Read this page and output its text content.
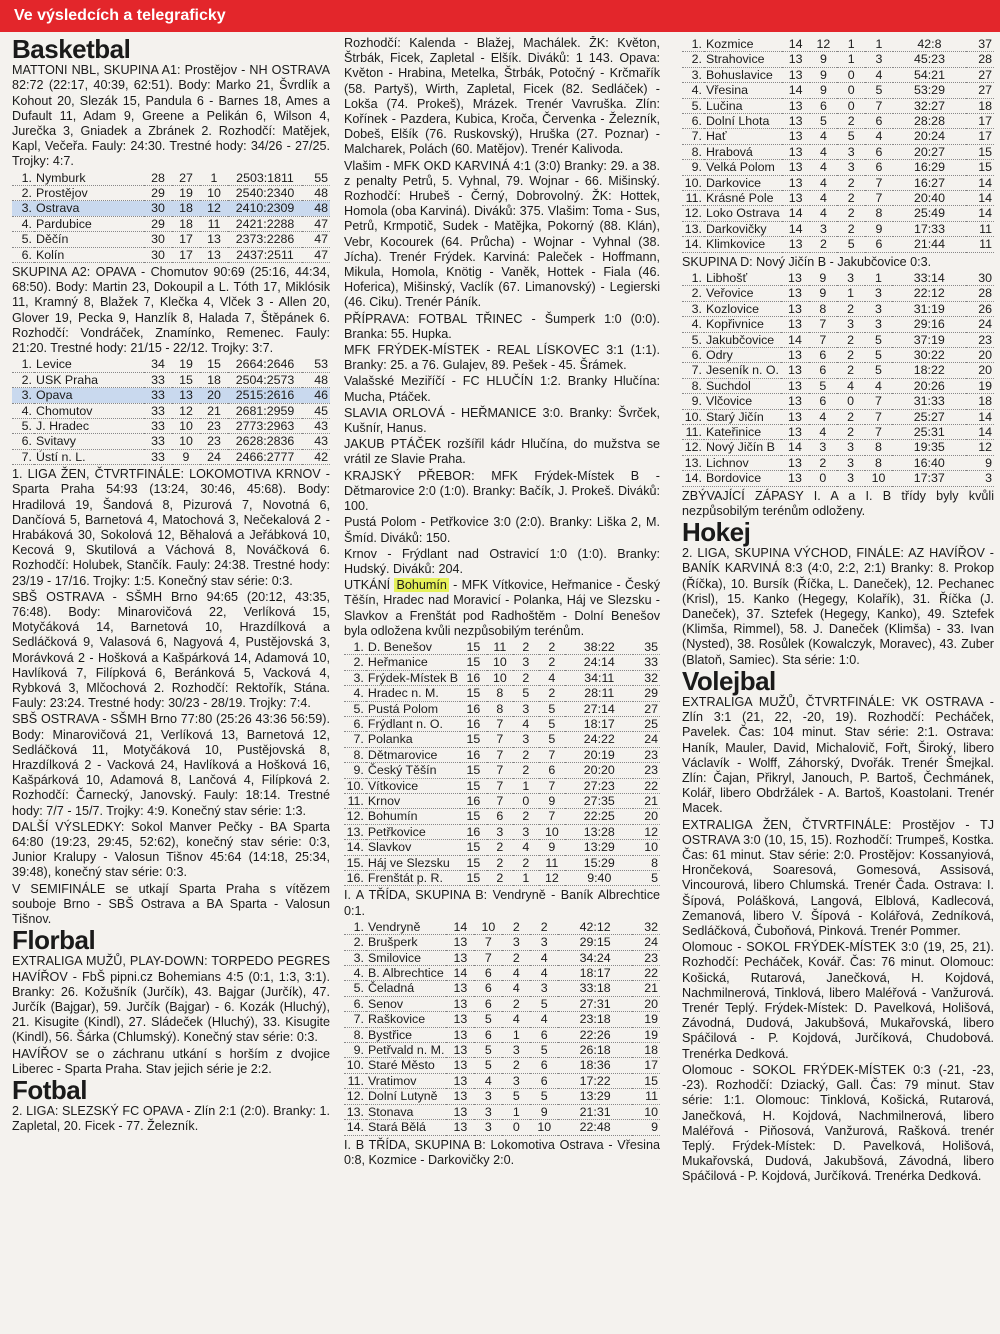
Ve výsledcích a telegraficky
Basketbal

MATTONI NBL, SKUPINA A1: Prostějov - NH OSTRAVA 82:72 (22:17, 40:39, 62:51). Body: Marko 21, Švrdlík a Kohout 20, Slezák 15, Pandula 6 - Barnes 18, Ames a Dufault 11, Adam 9, Greene a Pelikán 6, Wilson 4, Jurečka 3, Gniadek a Zbránek 2. Rozhodčí: Matějek, Kapl, Večeřa. Fauly: 24:30. Trestné hody: 34/26 - 27/25. Trojky: 4:7.

1.	Nymburk	28	27	1	2503:1811	55
2.	Prostějov	29	19	10	2540:2340	48
3.	Ostrava	30	18	12	2410:2309	48
4.	Pardubice	29	18	11	2421:2288	47
5.	Děčín	30	17	13	2373:2286	47
6.	Kolín	30	17	13	2437:2511	47

SKUPINA A2: OPAVA - Chomutov 90:69 (25:16, 44:34, 68:50). Body: Martin 23, Dokoupil a L. Tóth 17, Miklósik 11, Kramný 8, Blažek 7, Klečka 4, Vlček 3 - Allen 20, Glover 19, Pecka 9, Hanzlík 8, Halada 7, Štěpánek 6. Rozhodčí: Vondráček, Znamínko, Remenec. Fauly: 21:20. Trestné hody: 21/15 - 22/12. Trojky: 3:7.

1.	Levice	34	19	15	2664:2646	53
2.	USK Praha	33	15	18	2504:2573	48
3.	Opava	33	13	20	2515:2616	46
4.	Chomutov	33	12	21	2681:2959	45
5.	J. Hradec	33	10	23	2773:2963	43
6.	Svitavy	33	10	23	2628:2836	43
7.	Ústí n. L.	33	9	24	2466:2777	42

1. LIGA ŽEN, ČTVRTFINÁLE: LOKOMOTIVA KRNOV - Sparta Praha 54:93 (13:24, 30:46, 45:68). Body: Hradilová 19, Šandová 8, Pizurová 7, Novotná 6, Dančíová 5, Barnetová 4, Matochová 3, Nečekalová 2 - Hrabáková 30, Sokolová 12, Běhalová a Jeřábková 10, Kecová 9, Skutilová a Váchová 8, Nováčková 6. Rozhodčí: Holubek, Stančík. Fauly: 24:38. Trestné hody: 23/19 - 17/16. Trojky: 1:5. Konečný stav série: 0:3.

SBŠ OSTRAVA - SŠMH Brno 94:65 (20:12, 43:35, 76:48). Body: Minarovičová 22, Verlíková 15, Motyčáková 14, Barnetová 10, Hrazdílková a Sedláčková 9, Valasová 6, Nagyová 4, Pustějovská 3, Morávková 2 - Hošková a Kašpárková 14, Adamová 10, Havlíková 7, Filípková 6, Beránková 5, Vacková 4, Rybková 3, Mlčochová 2. Rozhodčí: Rektořík, Stána. Fauly: 23:24. Trestné hody: 30/23 - 28/19. Trojky: 7:4.

SBŠ OSTRAVA - SŠMH Brno 77:80 (25:26 43:36 56:59). Body: Minarovičová 21, Verlíková 13, Barnetová 12, Sedláčková 11, Motyčáková 10, Pustějovská 8, Hrazdílková 2 - Vacková 24, Havlíková a Hošková 16, Kašpárková 10, Adamová 8, Lančová 4, Filípková 2. Rozhodčí: Čarnecký, Janovský. Fauly: 18:14. Trestné hody: 7/7 - 15/7. Trojky: 4:9. Konečný stav série: 1:3.

DALŠÍ VÝSLEDKY: Sokol Manver Pečky - BA Sparta 64:80 (19:23, 29:45, 52:62), konečný stav série: 0:3, Junior Kralupy - Valosun Tišnov 45:64 (14:18, 25:34, 39:48), konečný stav série: 0:3.

V SEMIFINÁLE se utkají Sparta Praha s vítězem souboje Brno - SBŠ Ostrava a BA Sparta - Valosun Tišnov.

Florbal

EXTRALIGA MUŽŮ, PLAY-DOWN: TORPEDO PEGRES HAVÍŘOV - FbŠ pipni.cz Bohemians 4:5 (0:1, 1:3, 3:1). Branky: 26. Kožušník (Jurčík), 43. Bajgar (Jurčík), 47. Jurčík (Bajgar), 59. Jurčík (Bajgar) - 6. Kozák (Hluchý), 21. Kisugite (Kindl), 27. Sládeček (Hluchý), 33. Kisugite (Kindl), 56. Šárka (Chlumský). Konečný stav série: 0:3.

HAVÍŘOV se o záchranu utkání s horším z dvojice Liberec - Sparta Praha. Stav jejich série je 2:2.

Fotbal

2. LIGA: SLEZSKÝ FC OPAVA - Zlín 2:1 (2:0). Branky: 1. Zapletal, 20. Ficek - 77. Železník.

Rozhodčí: Kalenda - Blažej, Machálek. ŽK: Květon, Štrbák, Ficek, Zapletal - Elšík. Diváků: 1 143. Opava: Květon - Hrabina, Metelka, Štrbák, Potočný - Krčmařík (58. Partyš), Wirth, Zapletal, Ficek (82. Sedláček) - Lokša (74. Prokeš), Mrázek. Trenér Vavruška. Zlín: Kořínek - Pazdera, Kubica, Kroča, Červenka - Železník, Dobeš, Elšík (76. Ruskovský), Hruška (27. Poznar) - Malcharek, Polách (60. Matějov). Trenér Kalivoda.

Vlašim - MFK OKD KARVINÁ 4:1 (3:0) Branky: 29. a 38. z penalty Petrů, 5. Vyhnal, 79. Wojnar - 66. Mišinský. Rozhodčí: Hrubeš - Černý, Dobrovolný. ŽK: Hottek, Homola (oba Karviná). Diváků: 375. Vlašim: Toma - Sus, Petrů, Krmpotič, Sudek - Matějka, Pokorný (88. Klán), Vebr, Kocourek (64. Průcha) - Wojnar - Vyhnal (38. Jícha). Trenér Frýdek. Karviná: Paleček - Hoffmann, Mikula, Homola, Knötig - Vaněk, Hottek - Fiala (46. Hoferica), Mišinský, Vaclík (67. Limanovský) - Legierski (46. Ciku). Trenér Páník.

PŘÍPRAVA: FOTBAL TŘINEC - Šumperk 1:0 (0:0). Branka: 55. Hupka.

MFK FRÝDEK-MÍSTEK - REAL LÍSKOVEC 3:1 (1:1). Branky: 25. a 76. Gulajev, 89. Pešek - 45. Šrámek.

Valašské Meziříčí - FC HLUČÍN 1:2. Branky Hlučína: Mucha, Ptáček.

SLAVIA ORLOVÁ - HEŘMANICE 3:0. Branky: Švrček, Kušnír, Hanus.

JAKUB PTÁČEK rozšířil kádr Hlučína, do mužstva se vrátil ze Slavie Praha.

KRAJSKÝ PŘEBOR: MFK Frýdek-Místek B - Dětmarovice 2:0 (1:0). Branky: Bačík, J. Prokeš. Diváků: 100.

Pustá Polom - Petřkovice 3:0 (2:0). Branky: Liška 2, M. Šmíd. Diváků: 150.

Krnov - Frýdlant nad Ostravicí 1:0 (1:0). Branky: Hudský. Diváků: 204.

UTKÁNÍ Bohumín - MFK Vítkovice, Heřmanice - Český Těšín, Hradec nad Moravicí - Polanka, Háj ve Slezsku - Slavkov a Frenštát pod Radhoštěm - Dolní Benešov byla odložena kvůli nezpůsobilým terénům.

1.	D. Benešov	15	11	2	2	38:22	35
2.	Heřmanice	15	10	3	2	24:14	33
3.	Frýdek-Místek B	16	10	2	4	34:11	32
4.	Hradec n. M.	15	8	5	2	28:11	29
5.	Pustá Polom	16	8	3	5	27:14	27
6.	Frýdlant n. O.	16	7	4	5	18:17	25
7.	Polanka	15	7	3	5	24:22	24
8.	Dětmarovice	16	7	2	7	20:19	23
9.	Český Těšín	15	7	2	6	20:20	23
10.	Vítkovice	15	7	1	7	27:23	22
11.	Krnov	16	7	0	9	27:35	21
12.	Bohumín	15	6	2	7	22:25	20
13.	Petřkovice	16	3	3	10	13:28	12
14.	Slavkov	15	2	4	9	13:29	10
15.	Háj ve Slezsku	15	2	2	11	15:29	8
16.	Frenštát p. R.	15	2	1	12	9:40	5

I. A TŘÍDA, SKUPINA B: Vendryně - Baník Albrechtice 0:1.

1.	Vendryně	14	10	2	2	42:12	32
2.	Brušperk	13	7	3	3	29:15	24
3.	Smilovice	13	7	2	4	34:24	23
4.	B. Albrechtice	14	6	4	4	18:17	22
5.	Čeladná	13	6	4	3	33:18	21
6.	Senov	13	6	2	5	27:31	20
7.	Raškovice	13	5	4	4	23:18	19
8.	Bystřice	13	6	1	6	22:26	19
9.	Petřvald n. M.	13	5	3	5	26:18	18
10.	Staré Město	13	5	2	6	18:36	17
11.	Vratimov	13	4	3	6	17:22	15
12.	Dolní Lutyně	13	3	5	5	13:29	11
13.	Stonava	13	3	1	9	21:31	10
14.	Stará Bělá	13	3	0	10	22:48	9

I. B TŘÍDA, SKUPINA B: Lokomotiva Ostrava - Vřesina 0:8, Kozmice - Darkovičky 2:0.

1.	Kozmice	14	12	1	1	42:8	37
2.	Strahovice	13	9	1	3	45:23	28
3.	Bohuslavice	13	9	0	4	54:21	27
4.	Vřesina	14	9	0	5	53:29	27
5.	Lučina	13	6	0	7	32:27	18
6.	Dolní Lhota	13	5	2	6	28:28	17
7.	Hať	13	4	5	4	20:24	17
8.	Hrabová	13	4	3	6	20:27	15
9.	Velká Polom	13	4	3	6	16:29	15
10.	Darkovice	13	4	2	7	16:27	14
11.	Krásné Pole	13	4	2	7	20:40	14
12.	Loko Ostrava	14	4	2	8	25:49	14
13.	Darkovičky	14	3	2	9	17:33	11
14.	Klimkovice	13	2	5	6	21:44	11

SKUPINA D: Nový Jičín B - Jakubčovice 0:3.

1.	Libhošť	13	9	3	1	33:14	30
2.	Veřovice	13	9	1	3	22:12	28
3.	Kozlovice	13	8	2	3	31:19	26
4.	Kopřivnice	13	7	3	3	29:16	24
5.	Jakubčovice	14	7	2	5	37:19	23
6.	Odry	13	6	2	5	30:22	20
7.	Jeseník n. O.	13	6	2	5	18:22	20
8.	Suchdol	13	5	4	4	20:26	19
9.	Vlčovice	13	6	0	7	31:33	18
10.	Starý Jičín	13	4	2	7	25:27	14
11.	Kateřinice	13	4	2	7	25:31	14
12.	Nový Jičín B	14	3	3	8	19:35	12
13.	Lichnov	13	2	3	8	16:40	9
14.	Bordovice	13	0	3	10	17:37	3

ZBÝVAJÍCÍ ZÁPASY I. A a I. B třídy byly kvůli nezpůsobilým terénům odloženy.

Hokej

2. LIGA, SKUPINA VÝCHOD, FINÁLE: AZ HAVÍŘOV - BANÍK KARVINÁ 8:3 (4:0, 2:2, 2:1) Branky: 8. Prokop (Říčka), 10. Bursík (Říčka, L. Daneček), 12. Pechanec (Krisl), 15. Kanko (Hegegy, Kolařík), 31. Říčka (J. Daneček), 37. Sztefek (Hegegy, Kanko), 49. Sztefek (Klimša, Rimmel), 58. J. Daneček (Klimša) - 33. Ivan (Nysted), 38. Rosůlek (Kowalczyk, Moravec), 43. Zuber (Blatoň, Samiec). Sta série: 1:0.

Volejbal

EXTRALIGA MUŽŮ, ČTVRTFINÁLE: VK OSTRAVA - Zlín 3:1 (21, 22, -20, 19). Rozhodčí: Pecháček, Pavelek. Čas: 104 minut. Stav série: 2:1. Ostrava: Haník, Mauler, David, Michalovič, Fořt, Široký, libero Václavík - Wolff, Záhorský, Dvořák. Trenér Šmejkal. Zlín: Čajan, Přikryl, Janouch, P. Bartoš, Čechmánek, Kolář, libero Obdržálek - A. Bartoš, Koastolani. Trenér Macek.

EXTRALIGA ŽEN, ČTVRTFINÁLE: Prostějov - TJ OSTRAVA 3:0 (10, 15, 15). Rozhodčí: Trumpeš, Kostka. Čas: 61 minut. Stav série: 2:0. Prostějov: Kossanyiová, Hrončeková, Soaresová, Gomesová, Assisová, Vincourová, libero Chlumská. Trenér Čada. Ostrava: I. Šípová, Polášková, Langová, Elblová, Kadlecová, Zemanová, libero V. Šípová - Kolářová, Zedníková, Sedláčková, Čuboňová, Pinková. Trenér Pommer.

Olomouc - SOKOL FRÝDEK-MÍSTEK 3:0 (19, 25, 21). Rozhodčí: Pecháček, Kovář. Čas: 76 minut. Olomouc: Košická, Rutarová, Janečková, H. Kojdová, Nachmilnerová, Tinklová, libero Maléřová - Vanžurová. Trenér Teplý. Frýdek-Místek: D. Pavelková, Holišová, Závodná, Dudová, Jakubšová, Mukařovská, libero Spáčilová - P. Kojdová, Jurčíková, Chudobová. Trenérka Dedková.

Olomouc - SOKOL FRÝDEK-MÍSTEK 0:3 (-21, -23, -23). Rozhodčí: Dziacký, Gall. Čas: 79 minut. Stav série: 1:1. Olomouc: Tinklová, Košická, Rutarová, Janečková, H. Kojdová, Nachmilnerová, libero Maléřová - Piňosová, Vanžurová, Rašková. trenér Teplý. Frýdek-Místek: D. Pavelková, Holišová, Mukařovská, Dudová, Jakubšová, Závodná, libero Spáčilová - P. Kojdová, Jurčíková. Trenérka Dedková.
